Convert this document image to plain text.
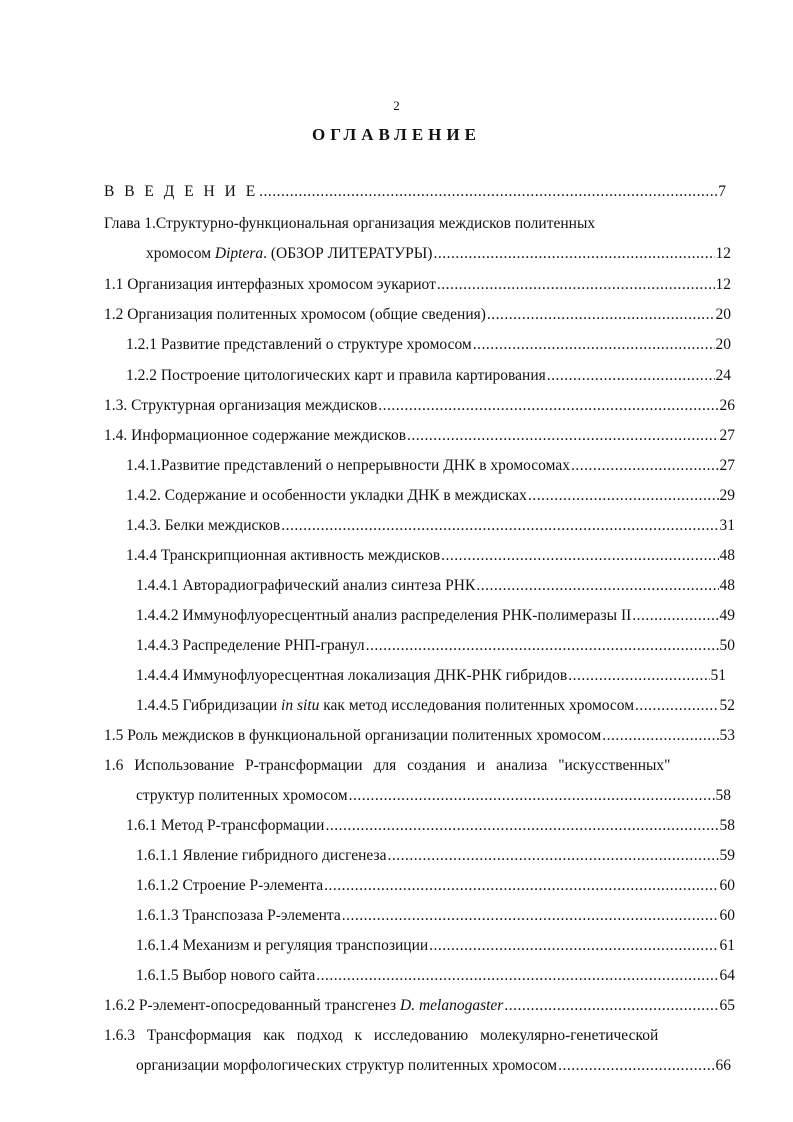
2
ОГЛАВЛЕНИЕ
В В Е Д Е Н И Е .....	7
Глава 1.Структурно-функциональная организация междисков политенных
хромосом Diptera. (ОБЗОР ЛИТЕРАТУРЫ) .....	12
1.1 Организация интерфазных хромосом эукариот .....	12
1.2 Организация политенных хромосом (общие сведения) .....	20
1.2.1 Развитие представлений о структуре хромосом .....	20
1.2.2 Построение цитологических карт и правила картирования .....	24
1.3. Структурная организация междисков .....	26
1.4. Информационное содержание междисков .....	27
1.4.1.Развитие представлений о непрерывности ДНК в хромосомах .....	27
1.4.2. Содержание и особенности укладки ДНК в междисках .....	29
1.4.3. Белки междисков .....	31
1.4.4 Транскрипционная активность междисков .....	48
1.4.4.1 Авторадиографический анализ синтеза РНК .....	48
1.4.4.2 Иммунофлуоресцентный анализ распределения РНК-полимеразы II .....	49
1.4.4.3 Распределение РНП-гранул .....	50
1.4.4.4 Иммунофлуоресцентная локализация ДНК-РНК гибридов .....	51
1.4.4.5 Гибридизации in situ как метод исследования политенных хромосом .....	52
1.5 Роль междисков в функциональной организации политенных хромосом .....	53
1.6 Использование Р-трансформации для создания и анализа "искусственных"
структур политенных хромосом .....	58
1.6.1 Метод Р-трансформации .....	58
1.6.1.1 Явление гибридного дисгенеза .....	59
1.6.1.2 Строение Р-элемента .....	60
1.6.1.3 Транспозаза Р-элемента .....	60
1.6.1.4 Механизм и регуляция транспозиции .....	61
1.6.1.5 Выбор нового сайта .....	64
1.6.2 Р-элемент-опосредованный трансгенез D. melanogaster .....	65
1.6.3 Трансформация как подход к исследованию молекулярно-генетической
организации морфологических структур политенных хромосом .....	66
